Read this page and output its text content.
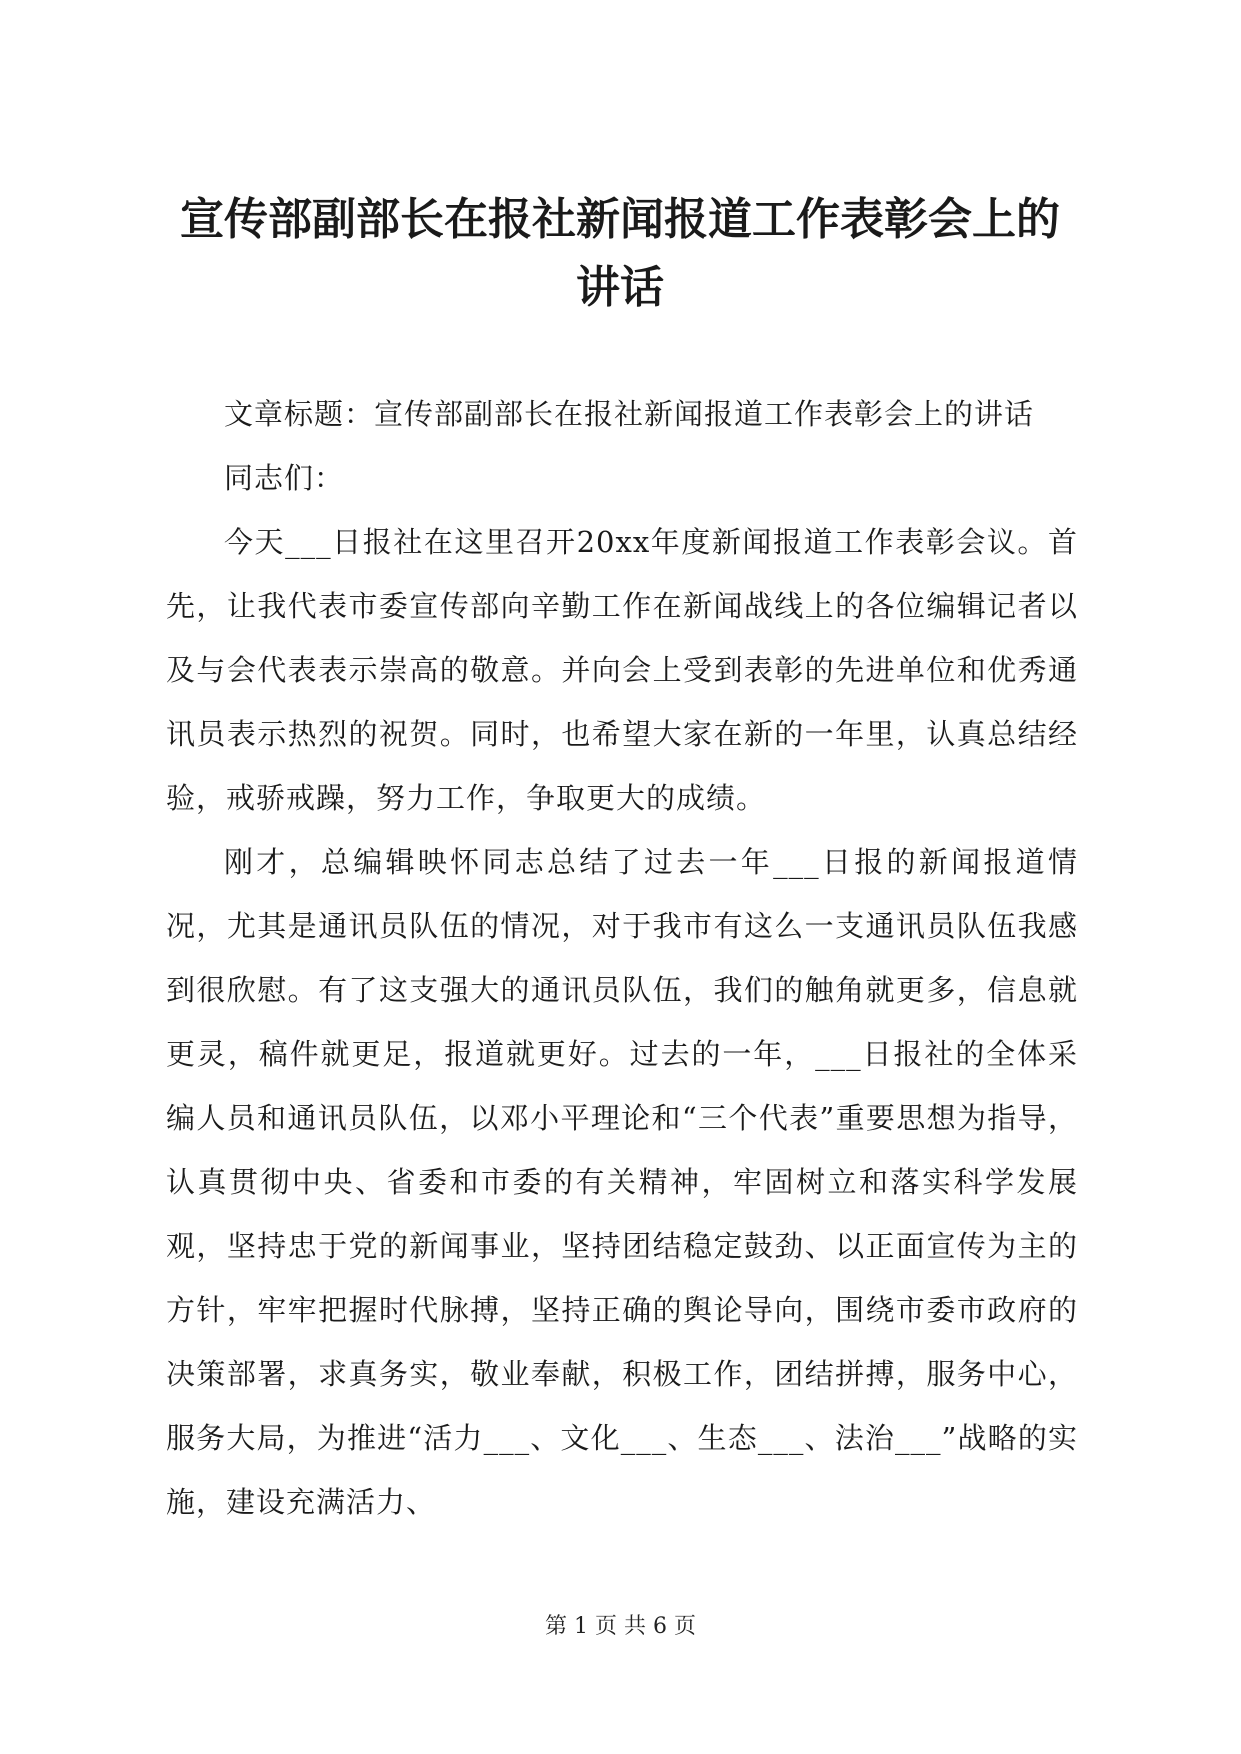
宣传部副部长在报社新闻报道工作表彰会上的讲话

文章标题：宣传部副部长在报社新闻报道工作表彰会上的讲话

同志们：

今天___日报社在这里召开20xx年度新闻报道工作表彰会议。首先，让我代表市委宣传部向辛勤工作在新闻战线上的各位编辑记者以及与会代表表示崇高的敬意。并向会上受到表彰的先进单位和优秀通讯员表示热烈的祝贺。同时，也希望大家在新的一年里，认真总结经验，戒骄戒躁，努力工作，争取更大的成绩。

刚才，总编辑映怀同志总结了过去一年___日报的新闻报道情况，尤其是通讯员队伍的情况，对于我市有这么一支通讯员队伍我感到很欣慰。有了这支强大的通讯员队伍，我们的触角就更多，信息就更灵，稿件就更足，报道就更好。过去的一年，___日报社的全体采编人员和通讯员队伍，以邓小平理论和“三个代表”重要思想为指导，认真贯彻中央、省委和市委的有关精神，牢固树立和落实科学发展观，坚持忠于党的新闻事业，坚持团结稳定鼓劲、以正面宣传为主的方针，牢牢把握时代脉搏，坚持正确的舆论导向，围绕市委市政府的决策部署，求真务实，敬业奉献，积极工作，团结拼搏，服务中心，服务大局，为推进“活力___、文化___、生态___、法治___”战略的实施，建设充满活力、

第 1 页 共 6 页
